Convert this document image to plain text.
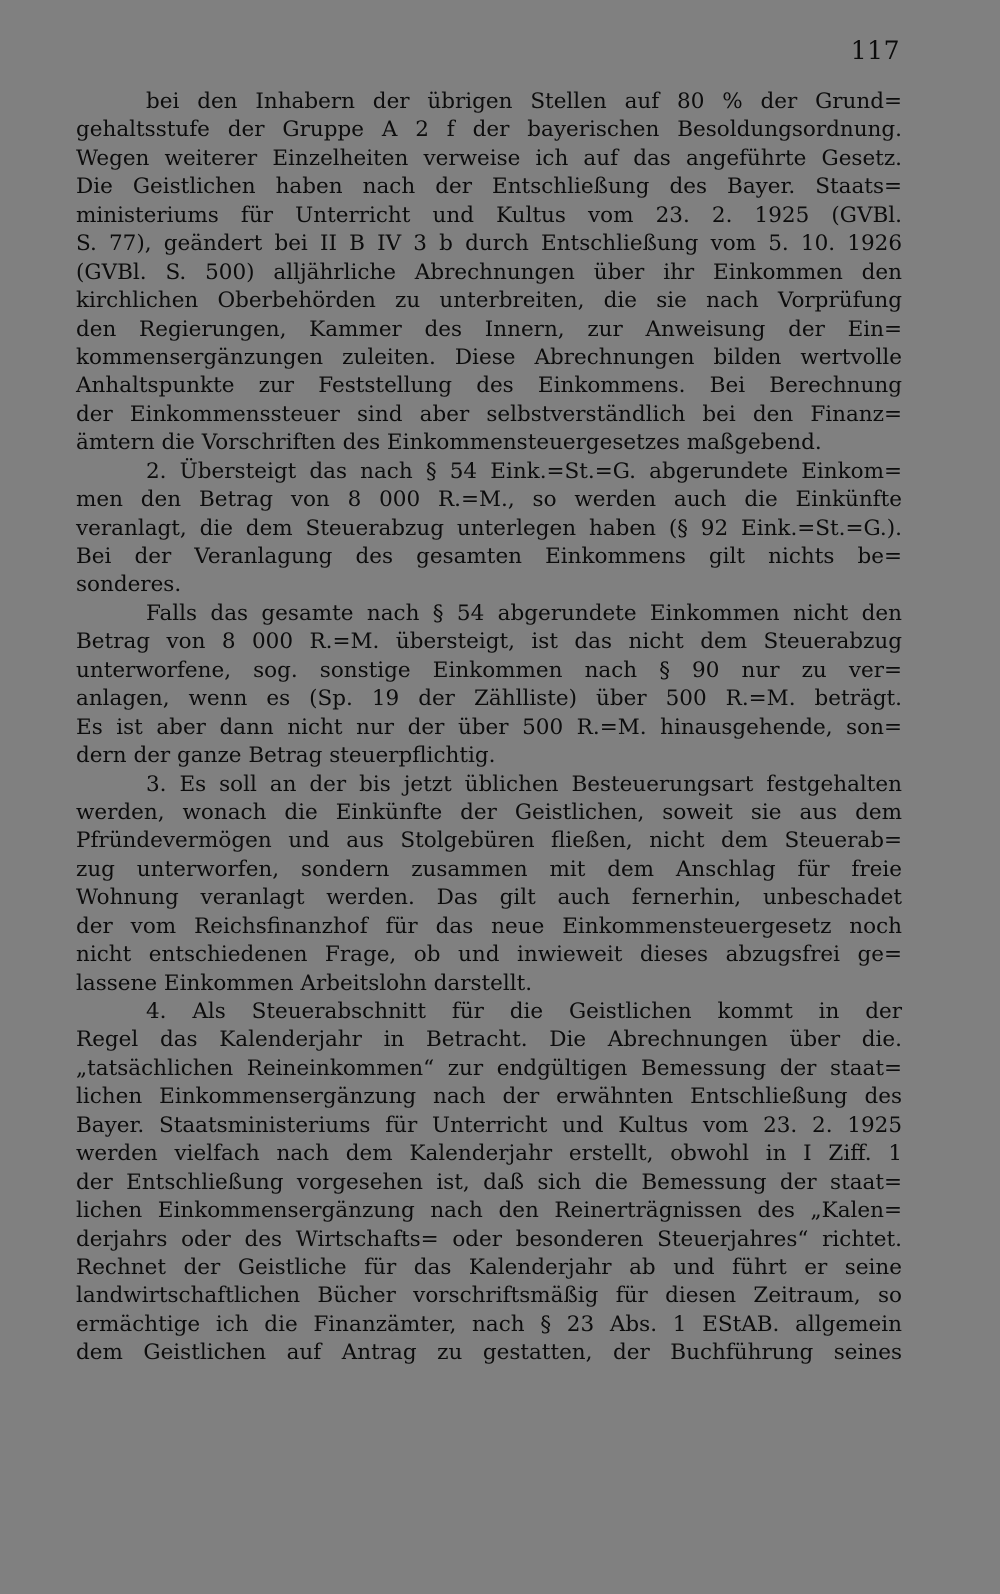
117
bei den Inhabern der übrigen Stellen auf 80 % der Grund=
gehaltsstufe der Gruppe A 2 f der bayerischen Besoldungsordnung.
Wegen weiterer Einzelheiten verweise ich auf das angeführte Gesetz.
Die Geistlichen haben nach der Entschließung des Bayer. Staats=
ministeriums für Unterricht und Kultus vom 23. 2. 1925 (GVBl.
S. 77), geändert bei II B IV 3 b durch Entschließung vom 5. 10. 1926
(GVBl. S. 500) alljährliche Abrechnungen über ihr Einkommen den
kirchlichen Oberbehörden zu unterbreiten, die sie nach Vorprüfung
den Regierungen, Kammer des Innern, zur Anweisung der Ein=
kommensergänzungen zuleiten. Diese Abrechnungen bilden wertvolle
Anhaltspunkte zur Feststellung des Einkommens. Bei Berechnung
der Einkommenssteuer sind aber selbstverständlich bei den Finanz=
ämtern die Vorschriften des Einkommensteuergesetzes maßgebend.
2. Übersteigt das nach § 54 Eink.=St.=G. abgerundete Einkom=
men den Betrag von 8 000 R.=M., so werden auch die Einkünfte
veranlagt, die dem Steuerabzug unterlegen haben (§ 92 Eink.=St.=G.).
Bei der Veranlagung des gesamten Einkommens gilt nichts be=
sonderes.
Falls das gesamte nach § 54 abgerundete Einkommen nicht den
Betrag von 8 000 R.=M. übersteigt, ist das nicht dem Steuerabzug
unterworfene, sog. sonstige Einkommen nach § 90 nur zu ver=
anlagen, wenn es (Sp. 19 der Zählliste) über 500 R.=M. beträgt.
Es ist aber dann nicht nur der über 500 R.=M. hinausgehende, son=
dern der ganze Betrag steuerpflichtig.
3. Es soll an der bis jetzt üblichen Besteuerungsart festgehalten
werden, wonach die Einkünfte der Geistlichen, soweit sie aus dem
Pfründevermögen und aus Stolgebüren fließen, nicht dem Steuerab=
zug unterworfen, sondern zusammen mit dem Anschlag für freie
Wohnung veranlagt werden. Das gilt auch fernerhin, unbeschadet
der vom Reichsfinanzhof für das neue Einkommensteuergesetz noch
nicht entschiedenen Frage, ob und inwieweit dieses abzugsfrei ge=
lassene Einkommen Arbeitslohn darstellt.
4. Als Steuerabschnitt für die Geistlichen kommt in der
Regel das Kalenderjahr in Betracht. Die Abrechnungen über die.
„tatsächlichen Reineinkommen“ zur endgültigen Bemessung der staat=
lichen Einkommensergänzung nach der erwähnten Entschließung des
Bayer. Staatsministeriums für Unterricht und Kultus vom 23. 2. 1925
werden vielfach nach dem Kalenderjahr erstellt, obwohl in I Ziff. 1
der Entschließung vorgesehen ist, daß sich die Bemessung der staat=
lichen Einkommensergänzung nach den Reinerträgnissen des „Kalen=
derjahrs oder des Wirtschafts= oder besonderen Steuerjahres“ richtet.
Rechnet der Geistliche für das Kalenderjahr ab und führt er seine
landwirtschaftlichen Bücher vorschriftsmäßig für diesen Zeitraum, so
ermächtige ich die Finanzämter, nach § 23 Abs. 1 EStAB. allgemein
dem Geistlichen auf Antrag zu gestatten, der Buchführung seines
